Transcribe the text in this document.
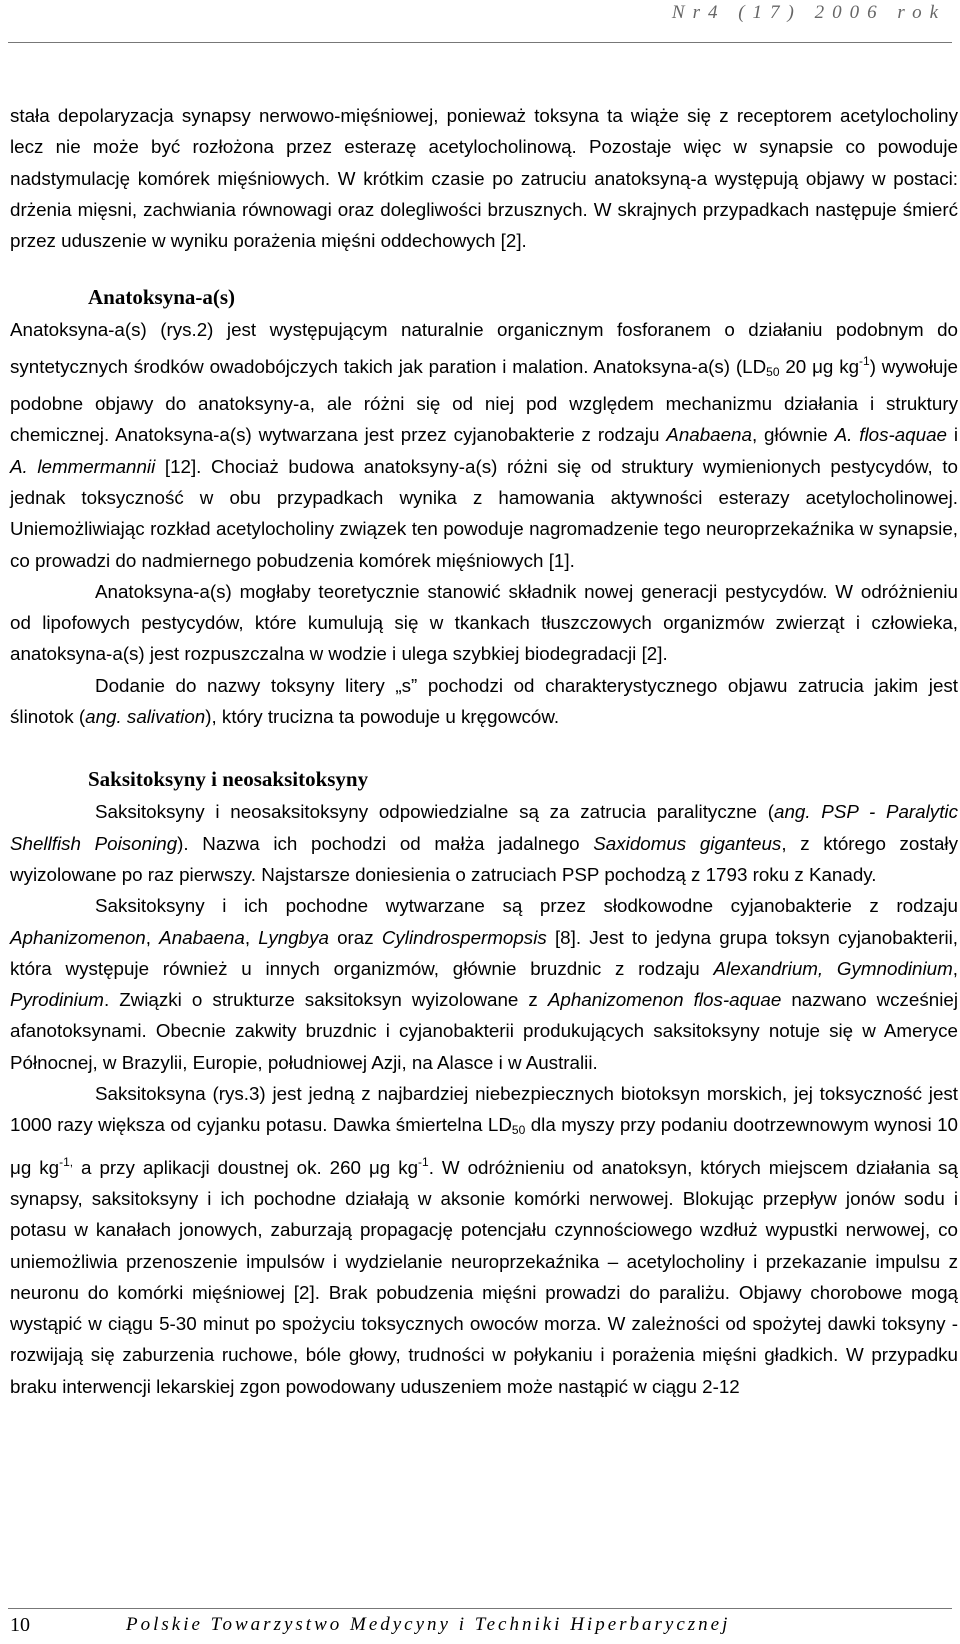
Nr4 (17) 2006 rok

stała depolaryzacja synapsy nerwowo-mięśniowej, ponieważ toksyna ta wiąże się z receptorem acetylocholiny lecz nie może być rozłożona przez esterazę acetylocholinową. Pozostaje więc w synapsie co powoduje nadstymulację komórek mięśniowych. W krótkim czasie po zatruciu anatoksyną-a występują objawy w postaci: drżenia mięsni, zachwiania równowagi oraz dolegliwości brzusznych. W skrajnych przypadkach następuje śmierć przez uduszenie w wyniku porażenia mięśni oddechowych [2].

Anatoksyna-a(s)

Anatoksyna-a(s) (rys.2) jest występującym naturalnie organicznym fosforanem o działaniu podobnym do syntetycznych środków owadobójczych takich jak paration i malation. Anatoksyna-a(s) ($LD_{50}$ 20 μg $kg^{-1}$) wywołuje podobne objawy do anatoksyny-a, ale różni się od niej pod względem mechanizmu działania i struktury chemicznej. Anatoksyna-a(s) wytwarzana jest przez cyjanobakterie z rodzaju Anabaena, głównie A. flos-aquae i A. lemmermannii [12]. Chociaż budowa anatoksyny-a(s) różni się od struktury wymienionych pestycydów, to jednak toksyczność w obu przypadkach wynika z hamowania aktywności esterazy acetylocholinowej. Uniemożliwiając rozkład acetylocholiny związek ten powoduje nagromadzenie tego neuroprzekaźnika w synapsie, co prowadzi do nadmiernego pobudzenia komórek mięśniowych [1].

Anatoksyna-a(s) mogłaby teoretycznie stanowić składnik nowej generacji pestycydów. W odróżnieniu od lipofowych pestycydów, które kumulują się w tkankach tłuszczowych organizmów zwierząt i człowieka, anatoksyna-a(s) jest rozpuszczalna w wodzie i ulega szybkiej biodegradacji [2].

Dodanie do nazwy toksyny litery „s” pochodzi od charakterystycznego objawu zatrucia jakim jest ślinotok (ang. salivation), który trucizna ta powoduje u kręgowców.

Saksitoksyny i neosaksitoksyny

Saksitoksyny i neosaksitoksyny odpowiedzialne są za zatrucia paralityczne (ang. PSP - Paralytic Shellfish Poisoning). Nazwa ich pochodzi od małża jadalnego Saxidomus giganteus, z którego zostały wyizolowane po raz pierwszy. Najstarsze doniesienia o zatruciach PSP pochodzą z 1793 roku z Kanady.

Saksitoksyny i ich pochodne wytwarzane są przez słodkowodne cyjanobakterie z rodzaju Aphanizomenon, Anabaena, Lyngbya oraz Cylindrospermopsis [8]. Jest to jedyna grupa toksyn cyjanobakterii, która występuje również u innych organizmów, głównie bruzdnic z rodzaju Alexandrium, Gymnodinium, Pyrodinium. Związki o strukturze saksitoksyn wyizolowane z Aphanizomenon flos-aquae nazwano wcześniej afanotoksynami. Obecnie zakwity bruzdnic i cyjanobakterii produkujących saksitoksyny notuje się w Ameryce Północnej, w Brazylii, Europie, południowej Azji, na Alasce i w Australii.

Saksitoksyna (rys.3) jest jedną z najbardziej niebezpiecznych biotoksyn morskich, jej toksyczność jest 1000 razy większa od cyjanku potasu. Dawka śmiertelna $LD_{50}$ dla myszy przy podaniu dootrzewnowym wynosi 10 μg $kg^{-1,}$ a przy aplikacji doustnej ok. 260 μg $kg^{-1}$. W odróżnieniu od anatoksyn, których miejscem działania są synapsy, saksitoksyny i ich pochodne działają w aksonie komórki nerwowej. Blokując przepływ jonów sodu i potasu w kanałach jonowych, zaburzają propagację potencjału czynnościowego wzdłuż wypustki nerwowej, co uniemożliwia przenoszenie impulsów i wydzielanie neuroprzekaźnika – acetylocholiny i przekazanie impulsu z neuronu do komórki mięśniowej [2]. Brak pobudzenia mięśni prowadzi do paraliżu. Objawy chorobowe mogą wystąpić w ciągu 5-30 minut po spożyciu toksycznych owoców morza. W zależności od spożytej dawki toksyny - rozwijają się zaburzenia ruchowe, bóle głowy, trudności w połykaniu i porażenia mięśni gładkich. W przypadku braku interwencji lekarskiej zgon powodowany uduszeniem może nastąpić w ciągu 2-12

10	Polskie Towarzystwo Medycyny i Techniki Hiperbarycznej
